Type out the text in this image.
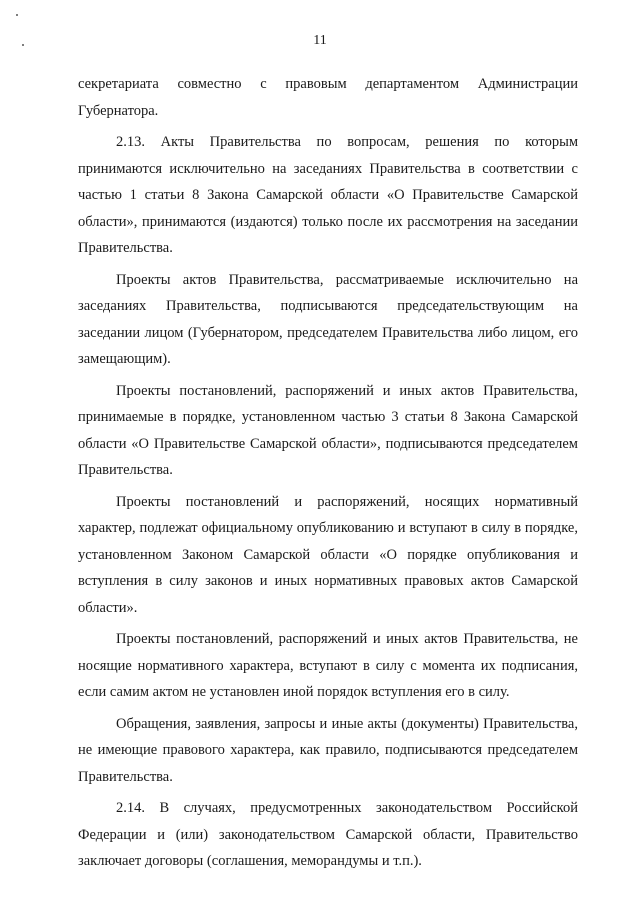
11

секретариата совместно с правовым департаментом Администрации Губернатора.

2.13. Акты Правительства по вопросам, решения по которым принимаются исключительно на заседаниях Правительства в соответствии с частью 1 статьи 8 Закона Самарской области «О Правительстве Самарской области», принимаются (издаются) только после их рассмотрения на заседании Правительства.

Проекты актов Правительства, рассматриваемые исключительно на заседаниях Правительства, подписываются председательствующим на заседании лицом (Губернатором, председателем Правительства либо лицом, его замещающим).

Проекты постановлений, распоряжений и иных актов Правительства, принимаемые в порядке, установленном частью 3 статьи 8 Закона Самарской области «О Правительстве Самарской области», подписываются председателем Правительства.

Проекты постановлений и распоряжений, носящих нормативный характер, подлежат официальному опубликованию и вступают в силу в порядке, установленном Законом Самарской области «О порядке опубликования и вступления в силу законов и иных нормативных правовых актов Самарской области».

Проекты постановлений, распоряжений и иных актов Правительства, не носящие нормативного характера, вступают в силу с момента их подписания, если самим актом не установлен иной порядок вступления его в силу.

Обращения, заявления, запросы и иные акты (документы) Правительства, не имеющие правового характера, как правило, подписываются председателем Правительства.

2.14. В случаях, предусмотренных законодательством Российской Федерации и (или) законодательством Самарской области, Правительство заключает договоры (соглашения, меморандумы и т.п.).
